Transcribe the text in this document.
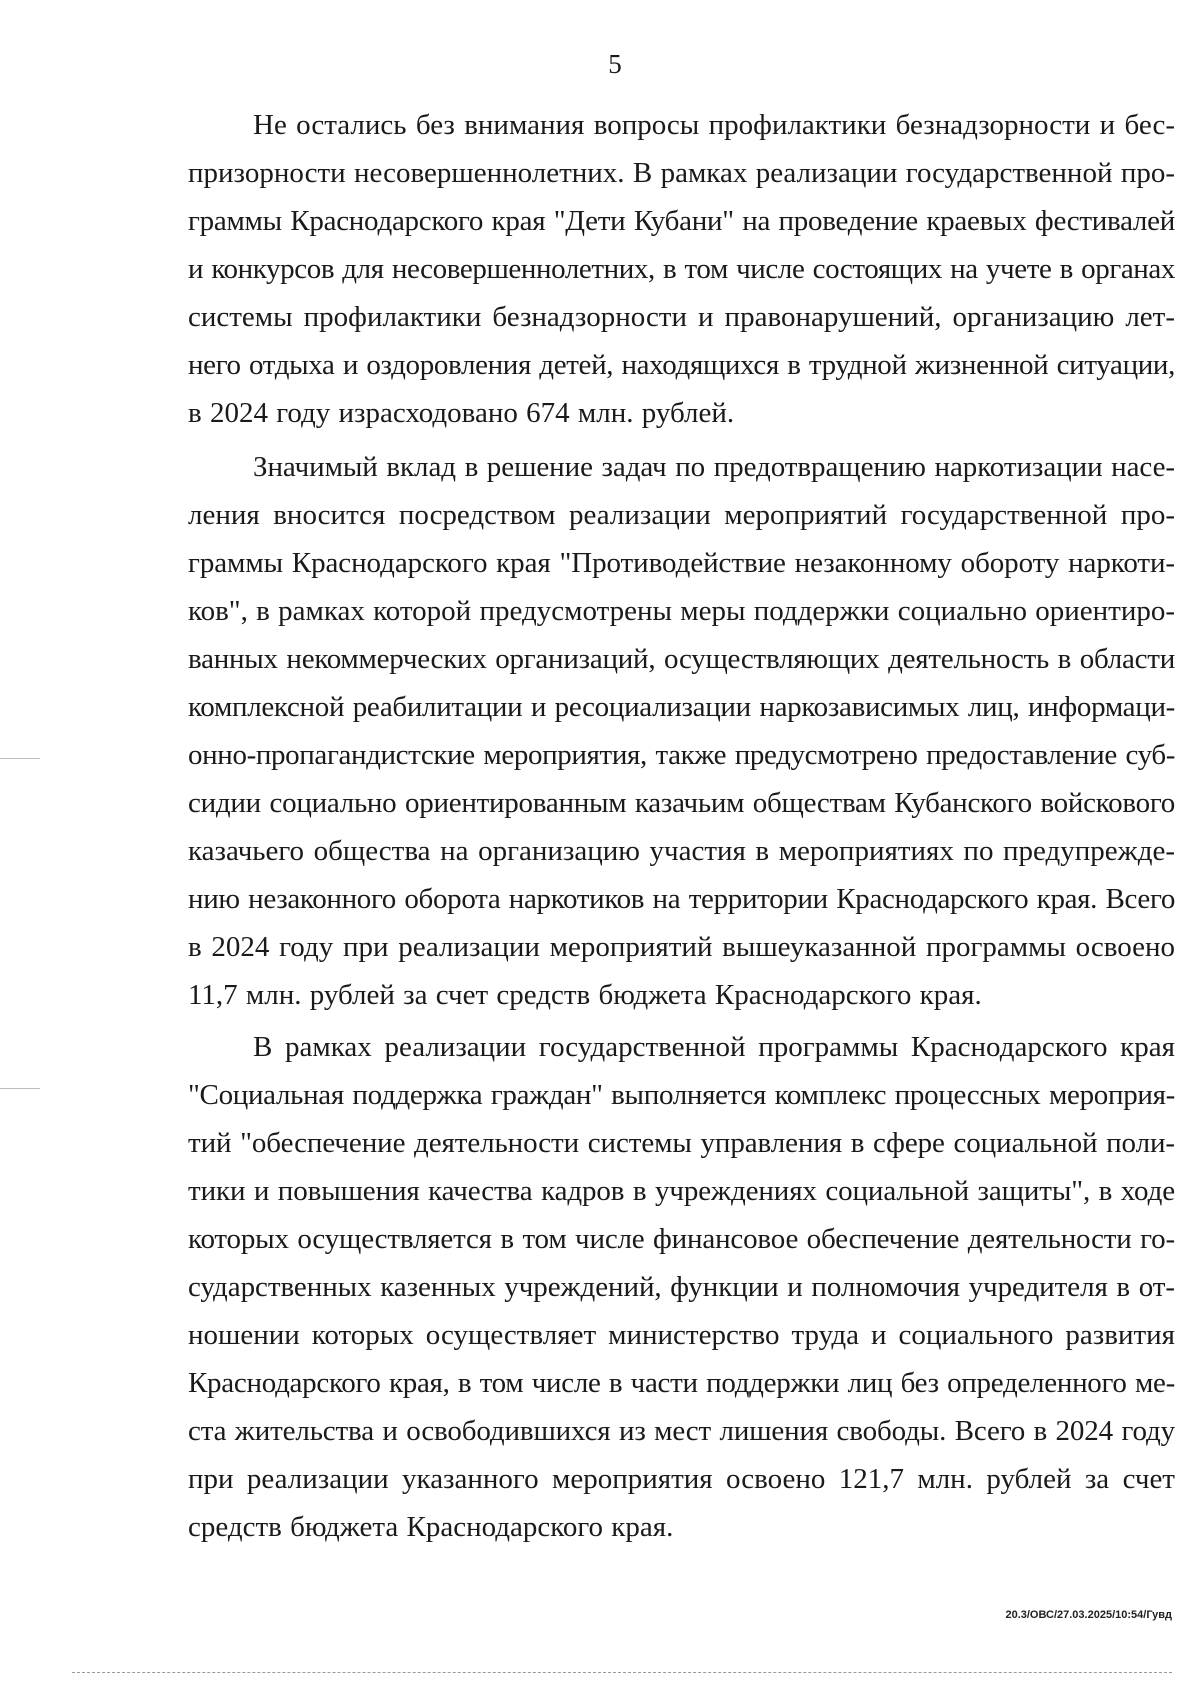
5

Не остались без внимания вопросы профилактики безнадзорности и бес-
призорности несовершеннолетних. В рамках реализации государственной про-
граммы Краснодарского края "Дети Кубани" на проведение краевых фестивалей
и конкурсов для несовершеннолетних, в том числе состоящих на учете в органах
системы профилактики безнадзорности и правонарушений, организацию лет-
него отдыха и оздоровления детей, находящихся в трудной жизненной ситуации,
в 2024 году израсходовано 674 млн. рублей.

Значимый вклад в решение задач по предотвращению наркотизации насе-
ления вносится посредством реализации мероприятий государственной про-
граммы Краснодарского края "Противодействие незаконному обороту наркоти-
ков", в рамках которой предусмотрены меры поддержки социально ориентиро-
ванных некоммерческих организаций, осуществляющих деятельность в области
комплексной реабилитации и ресоциализации наркозависимых лиц, информаци-
онно-пропагандистские мероприятия, также предусмотрено предоставление суб-
сидии социально ориентированным казачьим обществам Кубанского войскового
казачьего общества на организацию участия в мероприятиях по предупрежде-
нию незаконного оборота наркотиков на территории Краснодарского края. Всего
в 2024 году при реализации мероприятий вышеуказанной программы освоено
11,7 млн. рублей за счет средств бюджета Краснодарского края.

В рамках реализации государственной программы Краснодарского края
"Социальная поддержка граждан" выполняется комплекс процессных мероприя-
тий "обеспечение деятельности системы управления в сфере социальной поли-
тики и повышения качества кадров в учреждениях социальной защиты", в ходе
которых осуществляется в том числе финансовое обеспечение деятельности го-
сударственных казенных учреждений, функции и полномочия учредителя в от-
ношении которых осуществляет министерство труда и социального развития
Краснодарского края, в том числе в части поддержки лиц без определенного ме-
ста жительства и освободившихся из мест лишения свободы. Всего в 2024 году
при реализации указанного мероприятия освоено 121,7 млн. рублей за счет
средств бюджета Краснодарского края.

20.3/ОВС/27.03.2025/10:54/Гувд
